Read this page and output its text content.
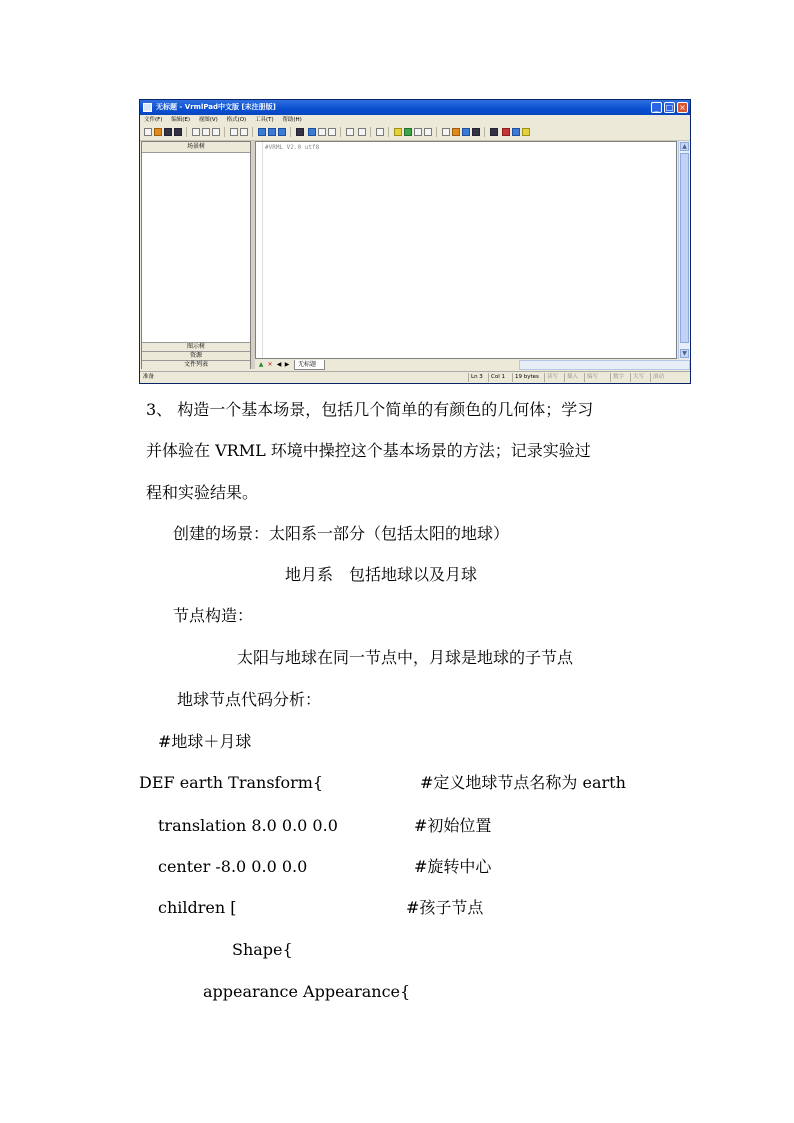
无标题 - VrmlPad中文版 [未注册版]	_ □ ×
文件(F) 编辑(E) 视图(V) 格式(O) 工具(T) 帮助(H)
场景树
图示树
资源
文件列表
#VRML V2.0 utf8	▲
▼
▲ ✕ ◀ ▶	无标题
准备	Ln 3	Col 1	19 bytes	读写	插入	编写	数字	大写	滚动
3、 构造一个基本场景，包括几个简单的有颜色的几何体；学习
并体验在 VRML 环境中操控这个基本场景的方法；记录实验过
程和实验结果。
创建的场景：太阳系一部分（包括太阳的地球）
地月系　包括地球以及月球
节点构造：
太阳与地球在同一节点中，月球是地球的子节点
地球节点代码分析：
#地球＋月球
DEF earth Transform{	#定义地球节点名称为 earth
translation 8.0 0.0 0.0	#初始位置
center -8.0 0.0 0.0	#旋转中心
children [	#孩子节点
Shape{
appearance Appearance{
